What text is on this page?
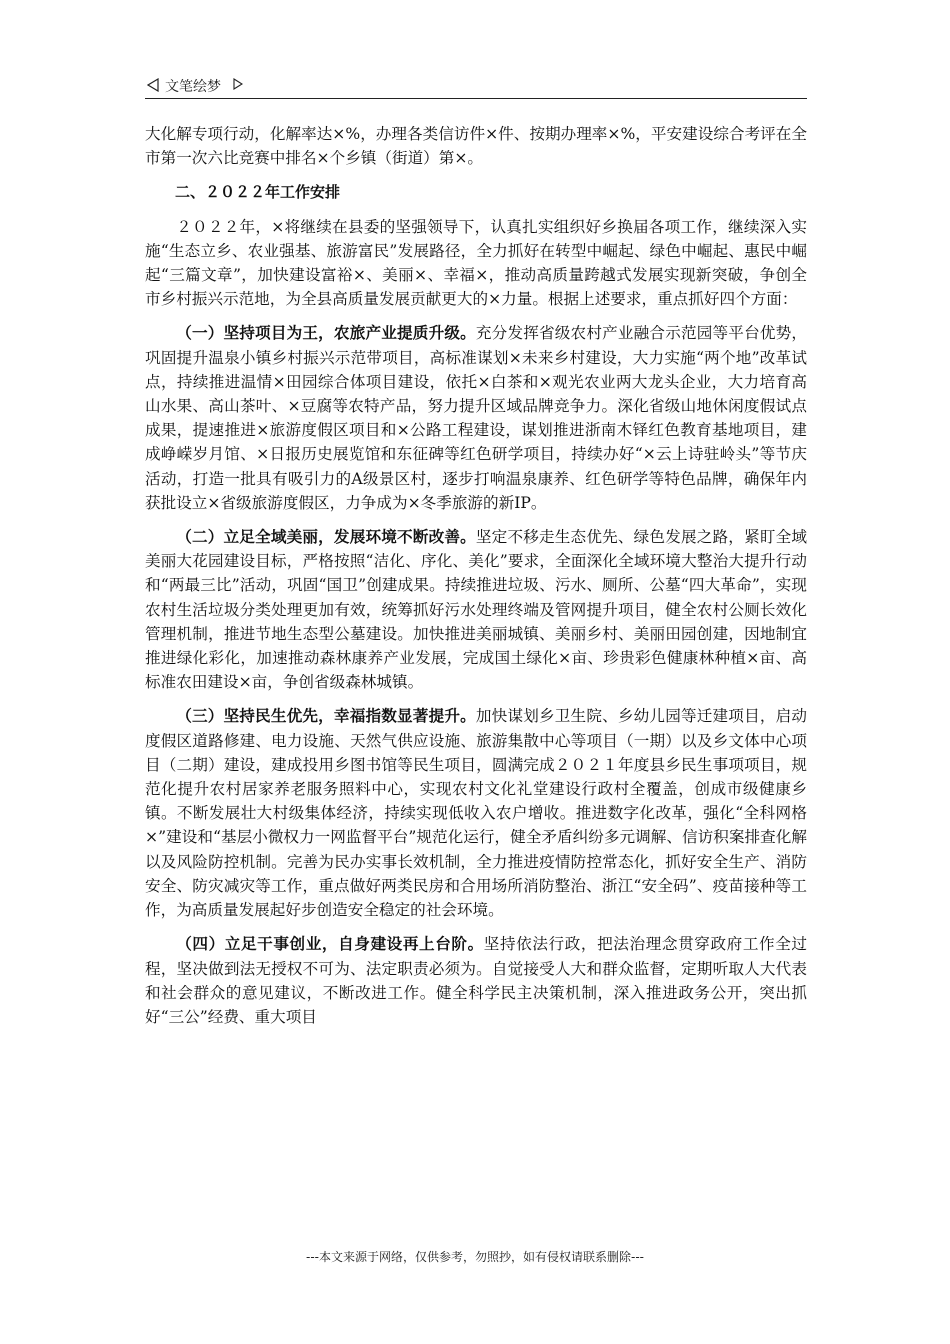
文笔绘梦

大化解专项行动，化解率达×%，办理各类信访件×件、按期办理率×%，平安建设综合考评在全市第一次六比竞赛中排名×个乡镇（街道）第×。

二、２０２２年工作安排

２０２２年，×将继续在县委的坚强领导下，认真扎实组织好乡换届各项工作，继续深入实施“生态立乡、农业强基、旅游富民”发展路径，全力抓好在转型中崛起、绿色中崛起、惠民中崛起“三篇文章”，加快建设富裕×、美丽×、幸福×，推动高质量跨越式发展实现新突破，争创全市乡村振兴示范地，为全县高质量发展贡献更大的×力量。根据上述要求，重点抓好四个方面：

（一）坚持项目为王，农旅产业提质升级。充分发挥省级农村产业融合示范园等平台优势，巩固提升温泉小镇乡村振兴示范带项目，高标准谋划×未来乡村建设，大力实施“两个地”改革试点，持续推进温情×田园综合体项目建设，依托×白茶和×观光农业两大龙头企业，大力培育高山水果、高山茶叶、×豆腐等农特产品，努力提升区域品牌竞争力。深化省级山地休闲度假试点成果，提速推进×旅游度假区项目和×公路工程建设，谋划推进浙南木铎红色教育基地项目，建成峥嵘岁月馆、×日报历史展览馆和东征碑等红色研学项目，持续办好“×云上诗驻岭头”等节庆活动，打造一批具有吸引力的A级景区村，逐步打响温泉康养、红色研学等特色品牌，确保年内获批设立×省级旅游度假区，力争成为×冬季旅游的新IP。

（二）立足全域美丽，发展环境不断改善。坚定不移走生态优先、绿色发展之路，紧盯全域美丽大花园建设目标，严格按照“洁化、序化、美化”要求，全面深化全域环境大整治大提升行动和“两最三比”活动，巩固“国卫”创建成果。持续推进垃圾、污水、厕所、公墓“四大革命”，实现农村生活垃圾分类处理更加有效，统筹抓好污水处理终端及管网提升项目，健全农村公厕长效化管理机制，推进节地生态型公墓建设。加快推进美丽城镇、美丽乡村、美丽田园创建，因地制宜推进绿化彩化，加速推动森林康养产业发展，完成国土绿化×亩、珍贵彩色健康林种植×亩、高标准农田建设×亩，争创省级森林城镇。

（三）坚持民生优先，幸福指数显著提升。加快谋划乡卫生院、乡幼儿园等迁建项目，启动度假区道路修建、电力设施、天然气供应设施、旅游集散中心等项目（一期）以及乡文体中心项目（二期）建设，建成投用乡图书馆等民生项目，圆满完成２０２１年度县乡民生事项项目，规范化提升农村居家养老服务照料中心，实现农村文化礼堂建设行政村全覆盖，创成市级健康乡镇。不断发展壮大村级集体经济，持续实现低收入农户增收。推进数字化改革，强化“全科网格×”建设和“基层小微权力一网监督平台”规范化运行，健全矛盾纠纷多元调解、信访积案排查化解以及风险防控机制。完善为民办实事长效机制，全力推进疫情防控常态化，抓好安全生产、消防安全、防灾减灾等工作，重点做好两类民房和合用场所消防整治、浙江“安全码”、疫苗接种等工作，为高质量发展起好步创造安全稳定的社会环境。

（四）立足干事创业，自身建设再上台阶。坚持依法行政，把法治理念贯穿政府工作全过程，坚决做到法无授权不可为、法定职责必须为。自觉接受人大和群众监督，定期听取人大代表和社会群众的意见建议，不断改进工作。健全科学民主决策机制，深入推进政务公开，突出抓好“三公”经费、重大项目

---本文来源于网络，仅供参考，勿照抄，如有侵权请联系删除---
